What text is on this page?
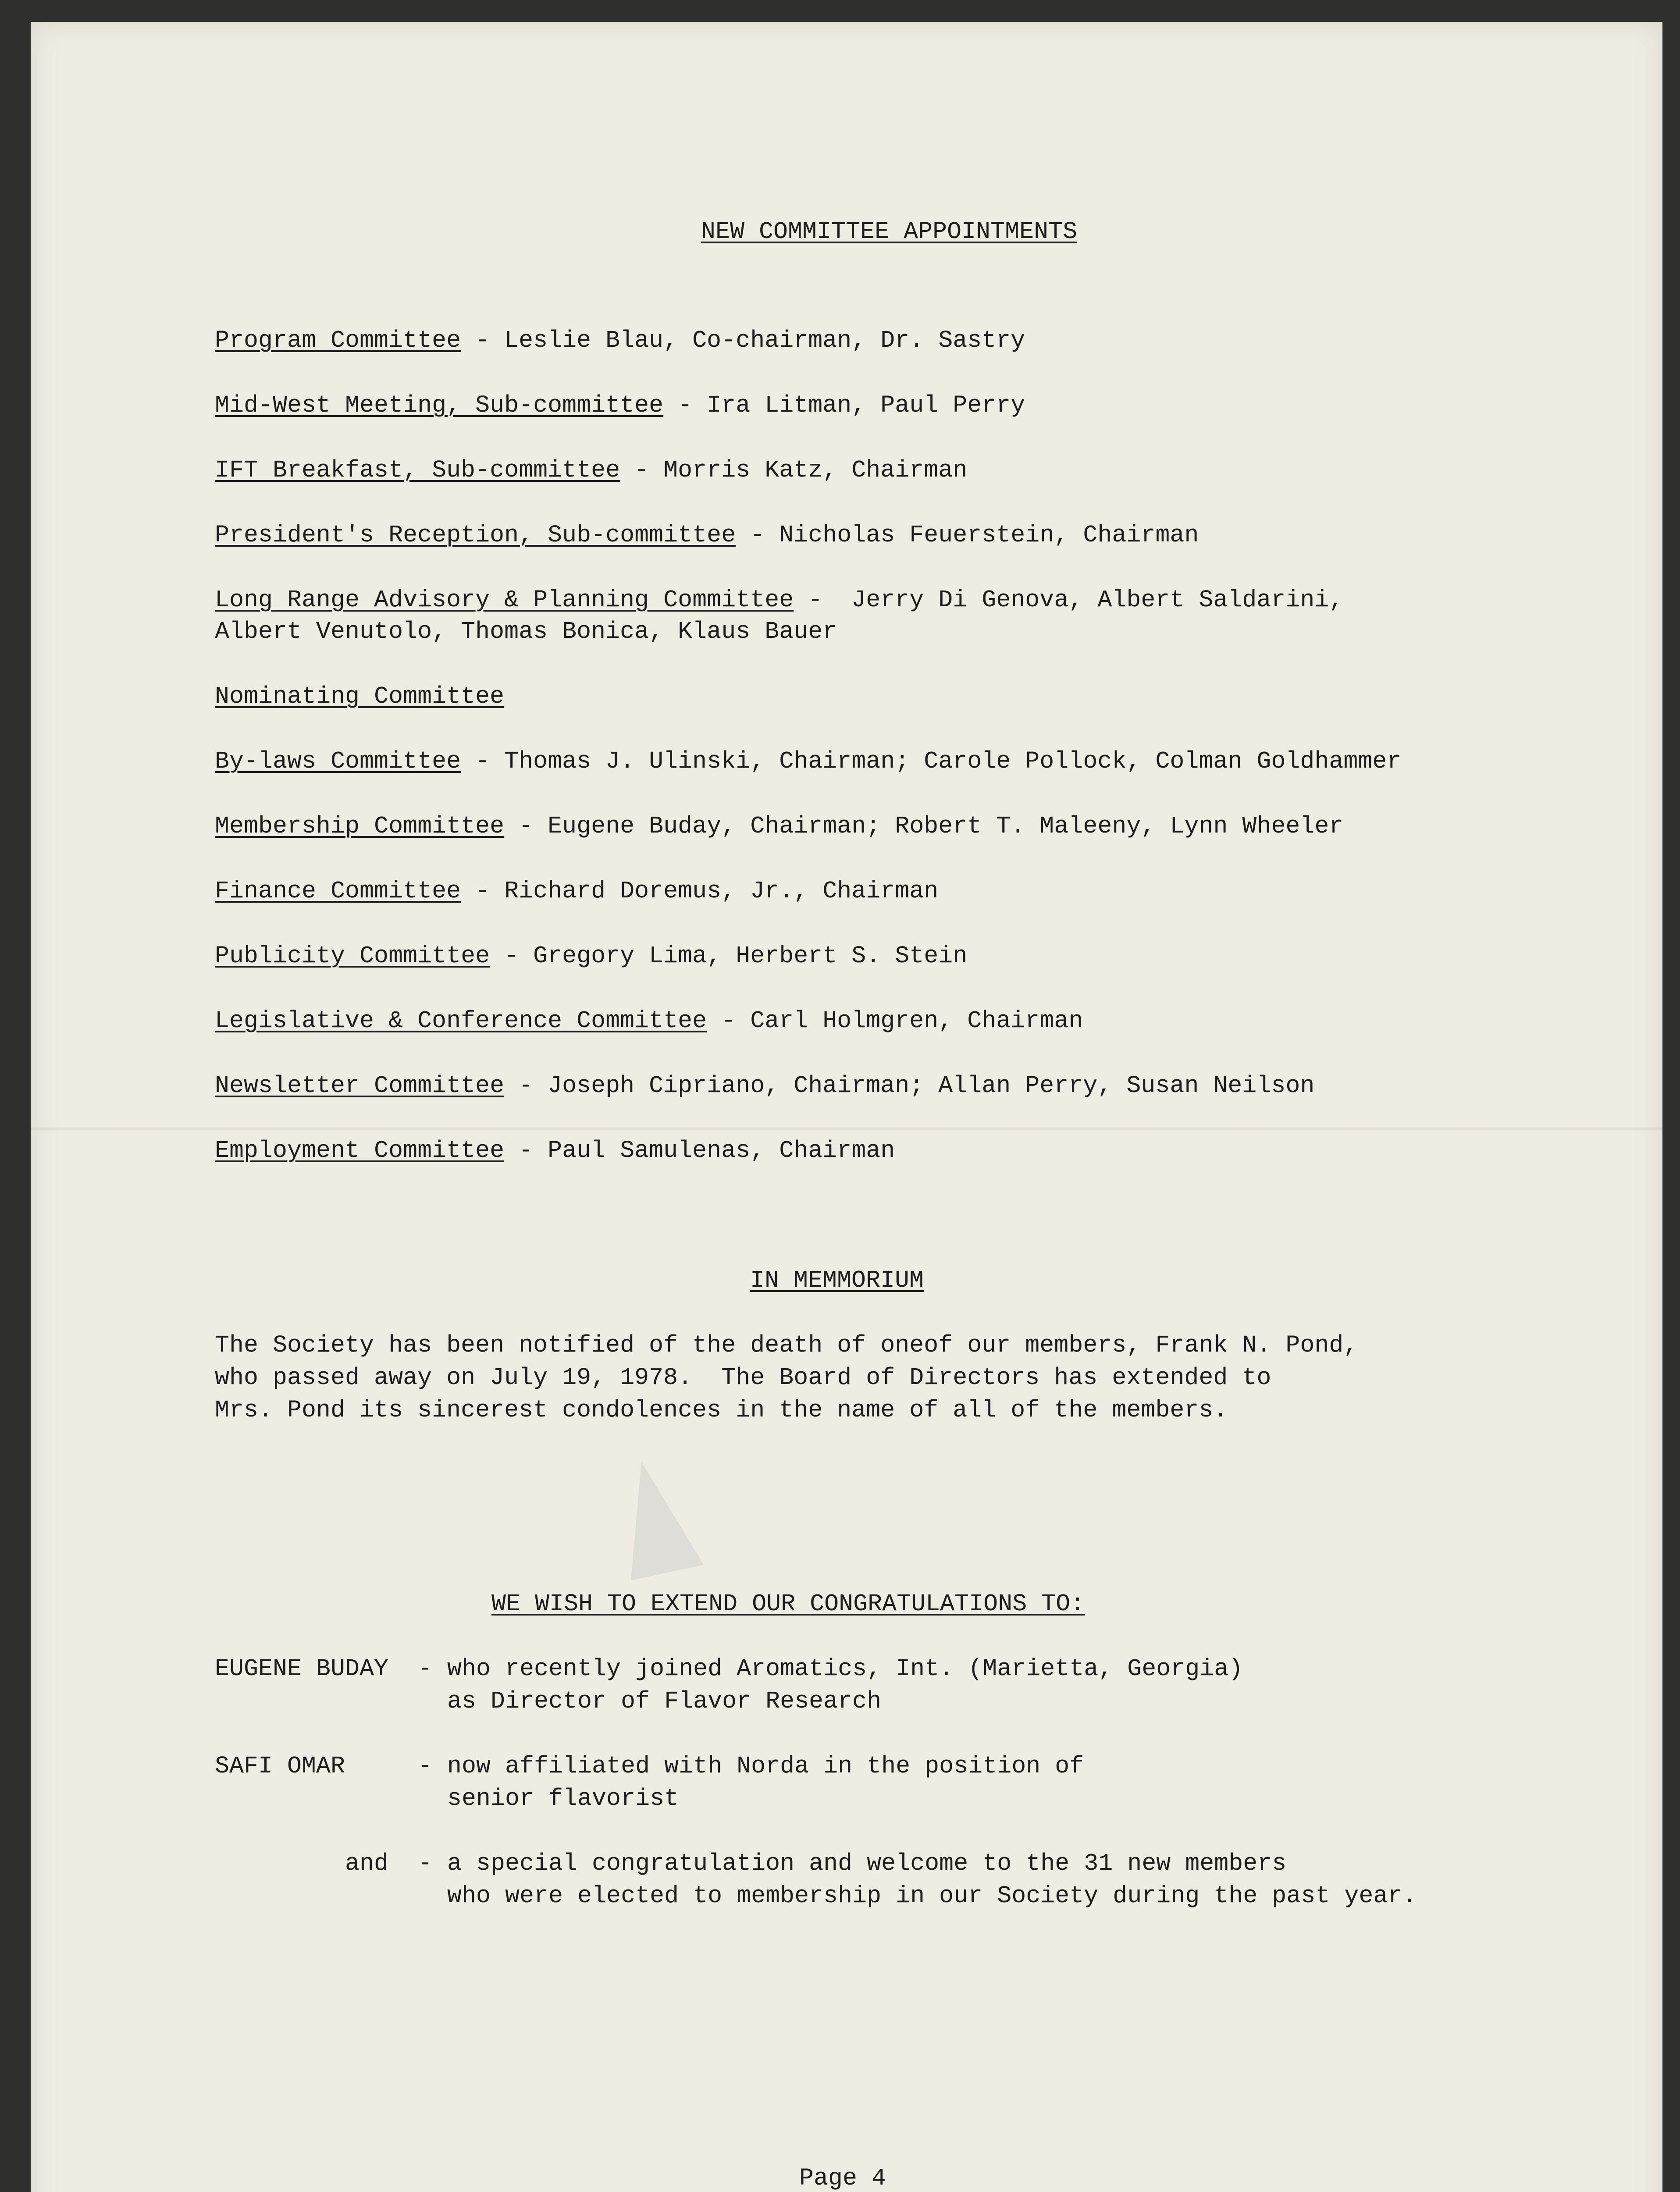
NEW COMMITTEE APPOINTMENTS
Program Committee - Leslie Blau, Co-chairman, Dr. Sastry
Mid-West Meeting, Sub-committee - Ira Litman, Paul Perry
IFT Breakfast, Sub-committee - Morris Katz, Chairman
President's Reception, Sub-committee - Nicholas Feuerstein, Chairman
Long Range Advisory & Planning Committee -  Jerry Di Genova, Albert Saldarini,
Albert Venutolo, Thomas Bonica, Klaus Bauer
Nominating Committee
By-laws Committee - Thomas J. Ulinski, Chairman; Carole Pollock, Colman Goldhammer
Membership Committee - Eugene Buday, Chairman; Robert T. Maleeny, Lynn Wheeler
Finance Committee - Richard Doremus, Jr., Chairman
Publicity Committee - Gregory Lima, Herbert S. Stein
Legislative & Conference Committee - Carl Holmgren, Chairman
Newsletter Committee - Joseph Cipriano, Chairman; Allan Perry, Susan Neilson
Employment Committee - Paul Samulenas, Chairman
IN MEMMORIUM
The Society has been notified of the death of oneof our members, Frank N. Pond,
who passed away on July 19, 1978.  The Board of Directors has extended to
Mrs. Pond its sincerest condolences in the name of all of the members.
WE WISH TO EXTEND OUR CONGRATULATIONS TO:
EUGENE BUDAY - who recently joined Aromatics, Int. (Marietta, Georgia)
as Director of Flavor Research
SAFI OMAR	- now affiliated with Norda in the position of
senior flavorist
and - a special congratulation and welcome to the 31 new members
who were elected to membership in our Society during the past year.
Page 4
